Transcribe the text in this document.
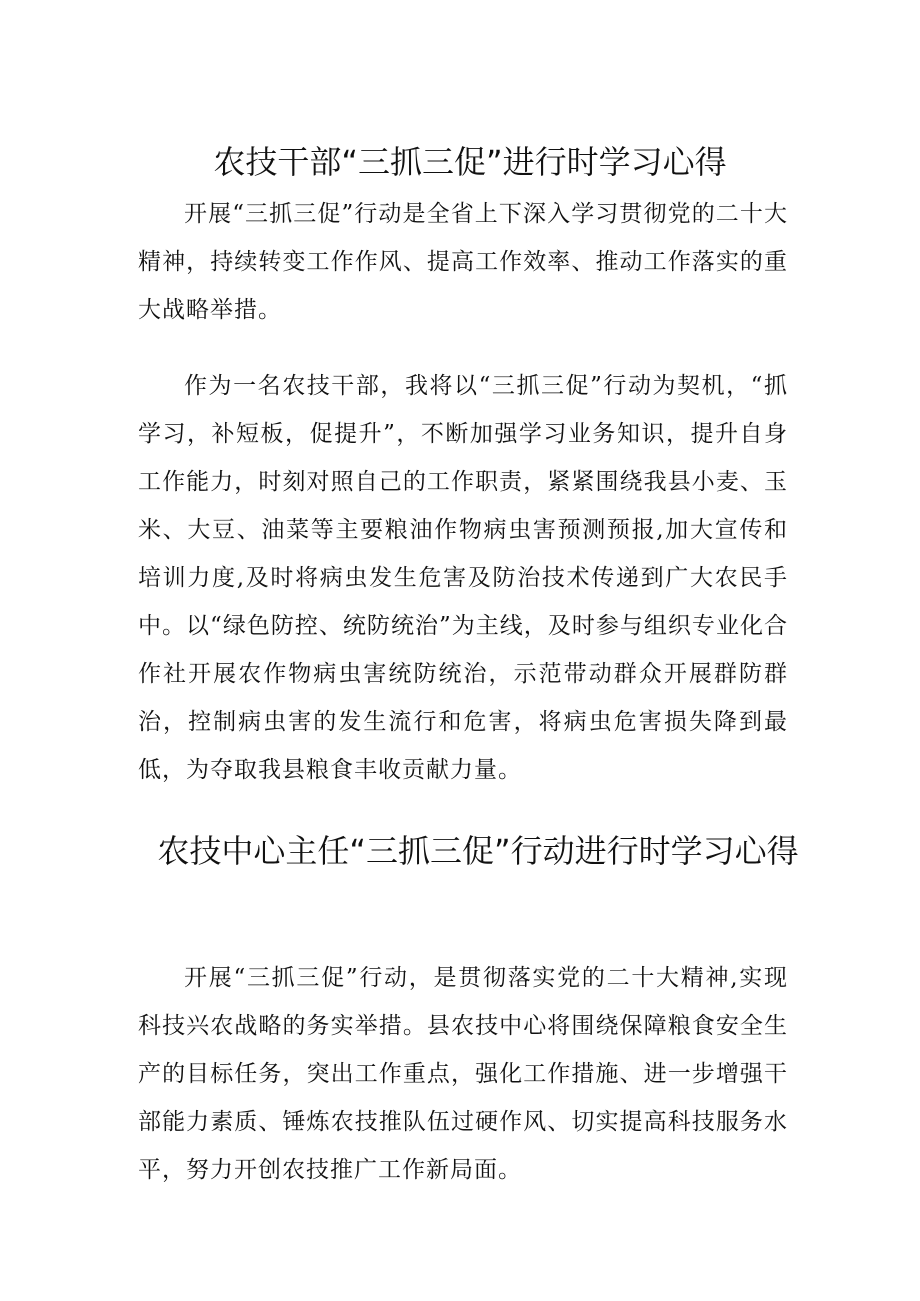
农技干部“三抓三促”进行时学习心得

开展“三抓三促”行动是全省上下深入学习贯彻党的二十大精神，持续转变工作作风、提高工作效率、推动工作落实的重大战略举措。

作为一名农技干部，我将以“三抓三促”行动为契机，“抓学习，补短板，促提升”，不断加强学习业务知识，提升自身工作能力，时刻对照自己的工作职责，紧紧围绕我县小麦、玉米、大豆、油菜等主要粮油作物病虫害预测预报,加大宣传和培训力度,及时将病虫发生危害及防治技术传递到广大农民手中。以“绿色防控、统防统治”为主线，及时参与组织专业化合作社开展农作物病虫害统防统治，示范带动群众开展群防群治，控制病虫害的发生流行和危害，将病虫危害损失降到最低，为夺取我县粮食丰收贡献力量。

农技中心主任“三抓三促”行动进行时学习心得

开展“三抓三促”行动，是贯彻落实党的二十大精神,实现科技兴农战略的务实举措。县农技中心将围绕保障粮食安全生产的目标任务，突出工作重点，强化工作措施、进一步增强干部能力素质、锤炼农技推队伍过硬作风、切实提高科技服务水平，努力开创农技推广工作新局面。
